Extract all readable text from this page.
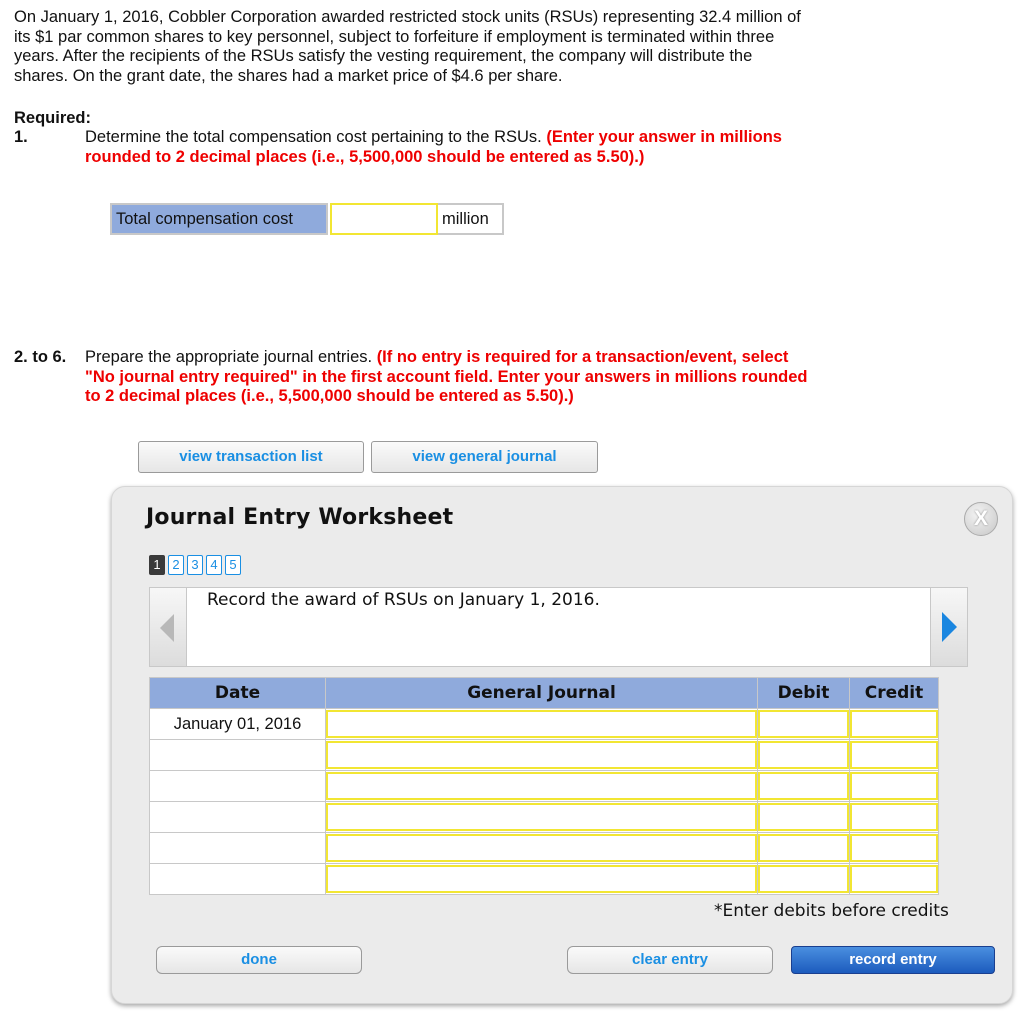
On January 1, 2016, Cobbler Corporation awarded restricted stock units (RSUs) representing 32.4 million of
its $1 par common shares to key personnel, subject to forfeiture if employment is terminated within three
years. After the recipients of the RSUs satisfy the vesting requirement, the company will distribute the
shares. On the grant date, the shares had a market price of $4.6 per share.
Required:
1.	Determine the total compensation cost pertaining to the RSUs. (Enter your answer in millions
rounded to 2 decimal places (i.e., 5,500,000 should be entered as 5.50).)
Total compensation cost	million
2. to 6. Prepare the appropriate journal entries. (If no entry is required for a transaction/event, select
"No journal entry required" in the first account field. Enter your answers in millions rounded
to 2 decimal places (i.e., 5,500,000 should be entered as 5.50).)
view transaction list	view general journal
Journal Entry Worksheet	X
1 2 3 4 5
Record the award of RSUs on January 1, 2016.
Date	General Journal	Debit	Credit
January 01, 2016	

*Enter debits before credits
done	clear entry	record entry
